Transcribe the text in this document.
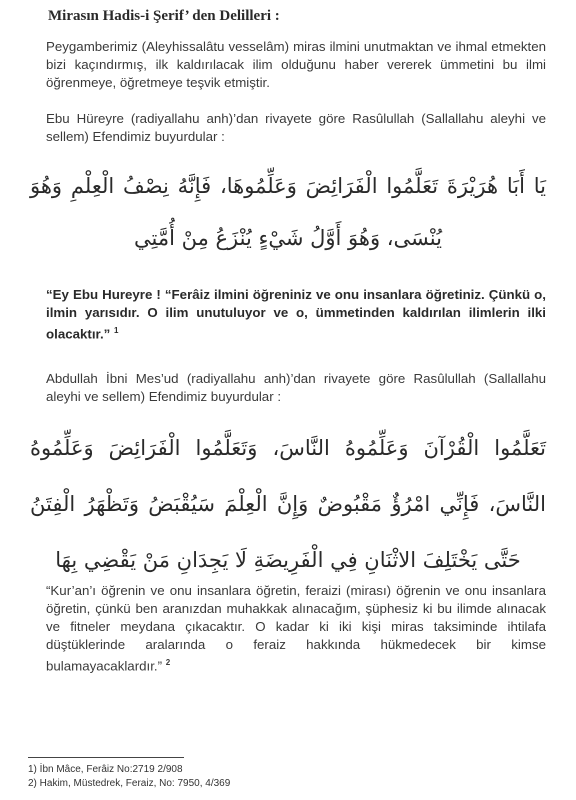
Mirasın Hadis-i Şerif’ den Delilleri :

Peygamberimiz (Aleyhissalâtu vesselâm) miras ilmini unutmaktan ve ihmal etmekten bizi kaçındırmış, ilk kaldırılacak ilim olduğunu haber vererek ümmetini bu ilmi öğrenmeye, öğretmeye teşvik etmiştir.

Ebu Hüreyre (radiyallahu anh)’dan rivayete göre Rasûlullah (Sallallahu aleyhi ve sellem) Efendimiz buyurdular :

يَا أَبَا هُرَيْرَةَ تَعَلَّمُوا الْفَرَائِضَ وَعَلِّمُوهَا، فَإِنَّهُ نِصْفُ الْعِلْمِ وَهُوَ يُنْسَى، وَهُوَ أَوَّلُ شَيْءٍ يُنْزَعُ مِنْ أُمَّتِي

“Ey Ebu Hureyre ! “Ferâiz ilmini öğreniniz ve onu insanlara öğretiniz. Çünkü o, ilmin yarısıdır. O ilim unutuluyor ve o, ümmetinden kaldırılan ilimlerin ilki olacaktır.” $^1$

Abdullah İbni Mes’ud (radiyallahu anh)’dan rivayete göre Rasûlullah (Sallallahu aleyhi ve sellem) Efendimiz buyurdular :

تَعَلَّمُوا الْقُرْآنَ وَعَلِّمُوهُ النَّاسَ، وَتَعَلَّمُوا الْفَرَائِضَ وَعَلِّمُوهُ النَّاسَ، فَإِنِّي امْرُؤٌ مَقْبُوضٌ وَإِنَّ الْعِلْمَ سَيُقْبَضُ وَتَظْهَرُ الْفِتَنُ حَتَّى يَخْتَلِفَ الاثْنَانِ فِي الْفَرِيضَةِ لَا يَجِدَانِ مَنْ يَقْضِي بِهَا

“Kur’an’ı öğrenin ve onu insanlara öğretin, feraizi (mirası) öğrenin ve onu insanlara öğretin, çünkü ben aranızdan muhakkak alınacağım, şüphesiz ki bu ilimde alınacak ve fitneler meydana çıkacaktır. O kadar ki iki kişi miras taksiminde ihtilafa düştüklerinde aralarında o feraiz hakkında hükmedecek bir kimse bulamayacaklardır.” $^2$

1) İbn Mâce, Ferâiz No:2719 2/908
2) Hakim, Müstedrek, Feraiz, No: 7950, 4/369
